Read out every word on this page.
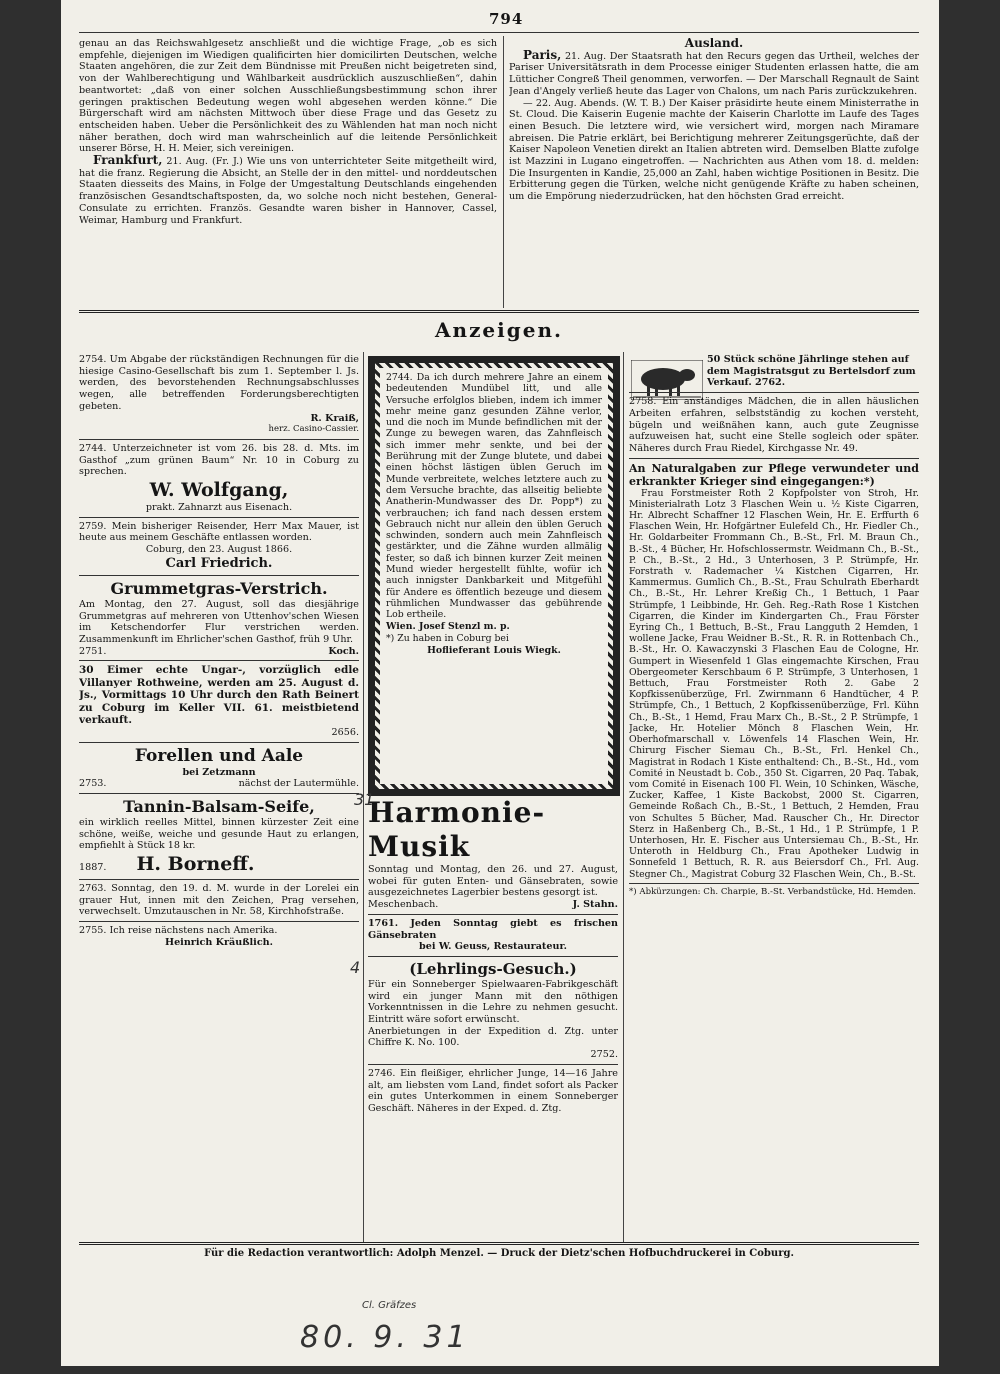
794

genau an das Reichswahlgesetz anschließt und die wichtige Frage, „ob es sich empfehle, diejenigen im Wiedigen qualificirten hier domicilirten Deutschen, welche Staaten angehören, die zur Zeit dem Bündnisse mit Preußen nicht beigetreten sind, von der Wahlberechtigung und Wählbarkeit ausdrücklich auszuschließen“, dahin beantwortet: „daß von einer solchen Ausschließungsbestimmung schon ihrer geringen praktischen Bedeutung wegen wohl abgesehen werden könne.“ Die Bürgerschaft wird am nächsten Mittwoch über diese Frage und das Gesetz zu entscheiden haben. Ueber die Persönlichkeit des zu Wählenden hat man noch nicht näher berathen, doch wird man wahrscheinlich auf die leitende Persönlichkeit unserer Börse, H. H. Meier, sich vereinigen.

Frankfurt, 21. Aug. (Fr. J.) Wie uns von unterrichteter Seite mitgetheilt wird, hat die franz. Regierung die Absicht, an Stelle der in den mittel- und norddeutschen Staaten diesseits des Mains, in Folge der Umgestaltung Deutschlands eingehenden französischen Gesandtschaftsposten, da, wo solche noch nicht bestehen, General-Consulate zu errichten. Französ. Gesandte waren bisher in Hannover, Cassel, Weimar, Hamburg und Frankfurt.

Ausland.

Paris, 21. Aug. Der Staatsrath hat den Recurs gegen das Urtheil, welches der Pariser Universitätsrath in dem Processe einiger Studenten erlassen hatte, die am Lütticher Congreß Theil genommen, verworfen. — Der Marschall Regnault de Saint Jean d'Angely verließ heute das Lager von Chalons, um nach Paris zurückzukehren.

— 22. Aug. Abends. (W. T. B.) Der Kaiser präsidirte heute einem Ministerrathe in St. Cloud. Die Kaiserin Eugenie machte der Kaiserin Charlotte im Laufe des Tages einen Besuch. Die letztere wird, wie versichert wird, morgen nach Miramare abreisen. Die Patrie erklärt, bei Berichtigung mehrerer Zeitungsgerüchte, daß der Kaiser Napoleon Venetien direkt an Italien abtreten wird. Demselben Blatte zufolge ist Mazzini in Lugano eingetroffen. — Nachrichten aus Athen vom 18. d. melden: Die Insurgenten in Kandie, 25,000 an Zahl, haben wichtige Positionen in Besitz. Die Erbitterung gegen die Türken, welche nicht genügende Kräfte zu haben scheinen, um die Empörung niederzudrücken, hat den höchsten Grad erreicht.

Anzeigen.

2754. Um Abgabe der rückständigen Rechnungen für die hiesige Casino-Gesellschaft bis zum 1. September l. Js. werden, des bevorstehenden Rechnungsabschlusses wegen, alle betreffenden Forderungsberechtigten gebeten.

R. Kraiß,

herz. Casino-Cassier.

2744. Unterzeichneter ist vom 26. bis 28. d. Mts. im Gasthof „zum grünen Baum“ Nr. 10 in Coburg zu sprechen.

W. Wolfgang,

prakt. Zahnarzt aus Eisenach.

2759. Mein bisheriger Reisender, Herr Max Mauer, ist heute aus meinem Geschäfte entlassen worden.

Coburg, den 23. August 1866.

Carl Friedrich.

Grummetgras-Verstrich.

Am Montag, den 27. August, soll das diesjährige Grummetgras auf mehreren von Uttenhov'schen Wiesen im Ketschendorfer Flur verstrichen werden. Zusammenkunft im Ehrlicher'schen Gasthof, früh 9 Uhr.

2751.	Koch.

30 Eimer echte Ungar-, vorzüglich edle Villanyer Rothweine, werden am 25. August d. Js., Vormittags 10 Uhr durch den Rath Beinert zu Coburg im Keller VII. 61. meistbietend verkauft.

2656.

Forellen und Aale

bei Zetzmann

2753.	nächst der Lautermühle.

Tannin-Balsam-Seife,

ein wirklich reelles Mittel, binnen kürzester Zeit eine schöne, weiße, weiche und gesunde Haut zu erlangen, empfiehlt à Stück 18 kr.

1887. H. Borneff.

2763. Sonntag, den 19. d. M. wurde in der Lorelei ein grauer Hut, innen mit den Zeichen, Prag versehen, verwechselt. Umzutauschen in Nr. 58, Kirchhofstraße.

2755. Ich reise nächstens nach Amerika.

Heinrich Kräußlich.

2744. Da ich durch mehrere Jahre an einem bedeutenden Mundübel litt, und alle Versuche erfolglos blieben, indem ich immer mehr meine ganz gesunden Zähne verlor, und die noch im Munde befindlichen mit der Zunge zu bewegen waren, das Zahnfleisch sich immer mehr senkte, und bei der Berührung mit der Zunge blutete, und dabei einen höchst lästigen üblen Geruch im Munde verbreitete, welches letztere auch zu dem Versuche brachte, das allseitig beliebte Anatherin-Mundwasser des Dr. Popp*) zu verbrauchen; ich fand nach dessen erstem Gebrauch nicht nur allein den üblen Geruch schwinden, sondern auch mein Zahnfleisch gestärkter, und die Zähne wurden allmälig fester, so daß ich binnen kurzer Zeit meinen Mund wieder hergestellt fühlte, wofür ich auch innigster Dankbarkeit und Mitgefühl für Andere es öffentlich bezeuge und diesem rühmlichen Mundwasser das gebührende Lob ertheile.

Wien. Josef Stenzl m. p.

*) Zu haben in Coburg bei

Hoflieferant Louis Wiegk.

Harmonie-Musik

Sonntag und Montag, den 26. und 27. August, wobei für guten Enten- und Gänsebraten, sowie ausgezeichnetes Lagerbier bestens gesorgt ist.

Meschenbach.	J. Stahn.

1761. Jeden Sonntag giebt es frischen Gänsebraten

bei W. Geuss, Restaurateur.

(Lehrlings-Gesuch.)

Für ein Sonneberger Spielwaaren-Fabrikgeschäft wird ein junger Mann mit den nöthigen Vorkenntnissen in die Lehre zu nehmen gesucht. Eintritt wäre sofort erwünscht.

Anerbietungen in der Expedition d. Ztg. unter Chiffre K. No. 100.

2752.

2746. Ein fleißiger, ehrlicher Junge, 14—16 Jahre alt, am liebsten vom Land, findet sofort als Packer ein gutes Unterkommen in einem Sonneberger Geschäft. Näheres in der Exped. d. Ztg.

50 Stück schöne Jährlinge stehen auf dem Magistratsgut zu Bertelsdorf zum Verkauf. 2762.

2758. Ein anständiges Mädchen, die in allen häuslichen Arbeiten erfahren, selbstständig zu kochen versteht, bügeln und weißnähen kann, auch gute Zeugnisse aufzuweisen hat, sucht eine Stelle sogleich oder später. Näheres durch Frau Riedel, Kirchgasse Nr. 49.

An Naturalgaben zur Pflege verwundeter und erkrankter Krieger sind eingegangen:*)

Frau Forstmeister Roth 2 Kopfpolster von Stroh, Hr. Ministerialrath Lotz 3 Flaschen Wein u. ½ Kiste Cigarren, Hr. Albrecht Schaffner 12 Flaschen Wein, Hr. E. Erffurth 6 Flaschen Wein, Hr. Hofgärtner Eulefeld Ch., Hr. Fiedler Ch., Hr. Goldarbeiter Frommann Ch., B.-St., Frl. M. Braun Ch., B.-St., 4 Bücher, Hr. Hofschlossermstr. Weidmann Ch., B.-St., P. Ch., B.-St., 2 Hd., 3 Unterhosen, 3 P. Strümpfe, Hr. Forstrath v. Rademacher ¼ Kistchen Cigarren, Hr. Kammermus. Gumlich Ch., B.-St., Frau Schulrath Eberhardt Ch., B.-St., Hr. Lehrer Kreßig Ch., 1 Bettuch, 1 Paar Strümpfe, 1 Leibbinde, Hr. Geh. Reg.-Rath Rose 1 Kistchen Cigarren, die Kinder im Kindergarten Ch., Frau Förster Eyring Ch., 1 Bettuch, B.-St., Frau Langguth 2 Hemden, 1 wollene Jacke, Frau Weidner B.-St., R. R. in Rottenbach Ch., B.-St., Hr. O. Kawaczynski 3 Flaschen Eau de Cologne, Hr. Gumpert in Wiesenfeld 1 Glas eingemachte Kirschen, Frau Obergeometer Kerschbaum 6 P. Strümpfe, 3 Unterhosen, 1 Bettuch, Frau Forstmeister Roth 2. Gabe 2 Kopfkissenüberzüge, Frl. Zwirnmann 6 Handtücher, 4 P. Strümpfe, Ch., 1 Bettuch, 2 Kopfkissenüberzüge, Frl. Kühn Ch., B.-St., 1 Hemd, Frau Marx Ch., B.-St., 2 P. Strümpfe, 1 Jacke, Hr. Hotelier Mönch 8 Flaschen Wein, Hr. Oberhofmarschall v. Löwenfels 14 Flaschen Wein, Hr. Chirurg Fischer Siemau Ch., B.-St., Frl. Henkel Ch., Magistrat in Rodach 1 Kiste enthaltend: Ch., B.-St., Hd., vom Comité in Neustadt b. Cob., 350 St. Cigarren, 20 Paq. Tabak, vom Comité in Eisenach 100 Fl. Wein, 10 Schinken, Wäsche, Zucker, Kaffee, 1 Kiste Backobst, 2000 St. Cigarren, Gemeinde Roßach Ch., B.-St., 1 Bettuch, 2 Hemden, Frau von Schultes 5 Bücher, Mad. Rauscher Ch., Hr. Director Sterz in Haßenberg Ch., B.-St., 1 Hd., 1 P. Strümpfe, 1 P. Unterhosen, Hr. E. Fischer aus Untersiemau Ch., B.-St., Hr. Unteroth in Heldburg Ch., Frau Apotheker Ludwig in Sonnefeld 1 Bettuch, R. R. aus Beiersdorf Ch., Frl. Aug. Stegner Ch., Magistrat Coburg 32 Flaschen Wein, Ch., B.-St.

*) Abkürzungen: Ch. Charpie, B.-St. Verbandstücke, Hd. Hemden.

Für die Redaction verantwortlich: Adolph Menzel. — Druck der Dietz'schen Hofbuchdruckerei in Coburg.
31
4
Cl. Gräfzes
80. 9. 31
